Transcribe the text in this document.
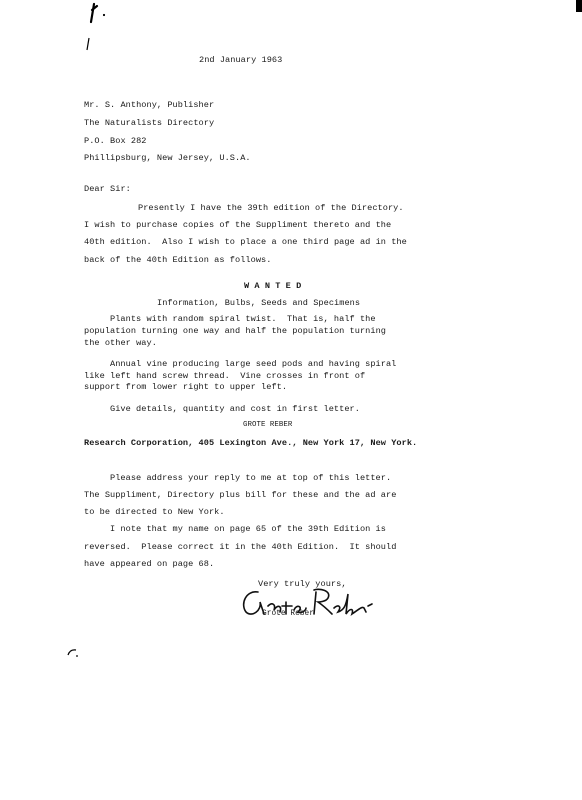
2nd January 1963
Mr. S. Anthony, Publisher
The Naturalists Directory
P.O. Box 282
Phillipsburg, New Jersey, U.S.A.
Dear Sir:
Presently I have the 39th edition of the Directory.
I wish to purchase copies of the Suppliment thereto and the
40th edition.  Also I wish to place a one third page ad in the
back of the 40th Edition as follows.
W A N T E D
Information, Bulbs, Seeds and Specimens
Plants with random spiral twist.  That is, half the
population turning one way and half the population turning
the other way.
Annual vine producing large seed pods and having spiral
like left hand screw thread.  Vine crosses in front of
support from lower right to upper left.
Give details, quantity and cost in first letter.
GROTE REBER
Research Corporation, 405 Lexington Ave., New York 17, New York.
Please address your reply to me at top of this letter.
The Suppliment, Directory plus bill for these and the ad are
to be directed to New York.
I note that my name on page 65 of the 39th Edition is
reversed.  Please correct it in the 40th Edition.  It should
have appeared on page 68.
Very truly yours,
Grote Reber
